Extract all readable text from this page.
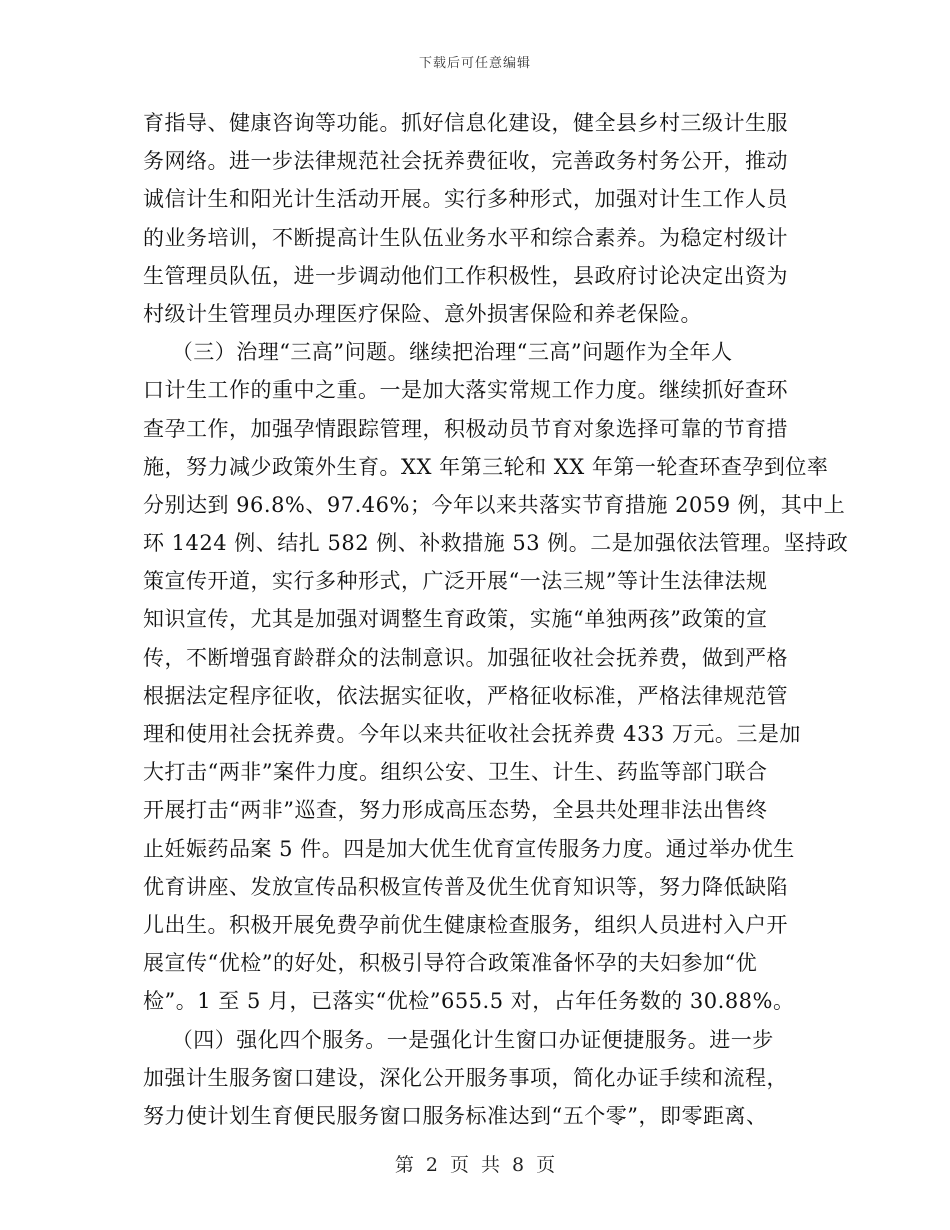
下载后可任意编辑
育指导、健康咨询等功能。抓好信息化建设，健全县乡村三级计生服
务网络。进一步法律规范社会抚养费征收，完善政务村务公开，推动
诚信计生和阳光计生活动开展。实行多种形式，加强对计生工作人员
的业务培训，不断提高计生队伍业务水平和综合素养。为稳定村级计
生管理员队伍，进一步调动他们工作积极性，县政府讨论决定出资为
村级计生管理员办理医疗保险、意外损害保险和养老保险。
（三）治理“三高”问题。继续把治理“三高”问题作为全年人
口计生工作的重中之重。一是加大落实常规工作力度。继续抓好查环
查孕工作，加强孕情跟踪管理，积极动员节育对象选择可靠的节育措
施，努力减少政策外生育。XX 年第三轮和 XX 年第一轮查环查孕到位率
分别达到 96.8%、97.46%；今年以来共落实节育措施 2059 例，其中上
环 1424 例、结扎 582 例、补救措施 53 例。二是加强依法管理。坚持政
策宣传开道，实行多种形式，广泛开展“一法三规”等计生法律法规
知识宣传，尤其是加强对调整生育政策，实施“单独两孩”政策的宣
传，不断增强育龄群众的法制意识。加强征收社会抚养费，做到严格
根据法定程序征收，依法据实征收，严格征收标准，严格法律规范管
理和使用社会抚养费。今年以来共征收社会抚养费 433 万元。三是加
大打击“两非”案件力度。组织公安、卫生、计生、药监等部门联合
开展打击“两非”巡查，努力形成高压态势，全县共处理非法出售终
止妊娠药品案 5 件。四是加大优生优育宣传服务力度。通过举办优生
优育讲座、发放宣传品积极宣传普及优生优育知识等，努力降低缺陷
儿出生。积极开展免费孕前优生健康检查服务，组织人员进村入户开
展宣传“优检”的好处，积极引导符合政策准备怀孕的夫妇参加“优
检”。1 至 5 月，已落实“优检”655.5 对，占年任务数的 30.88%。
（四）强化四个服务。一是强化计生窗口办证便捷服务。进一步
加强计生服务窗口建设，深化公开服务事项，简化办证手续和流程，
努力使计划生育便民服务窗口服务标准达到“五个零”，即零距离、
第 2 页 共 8 页
